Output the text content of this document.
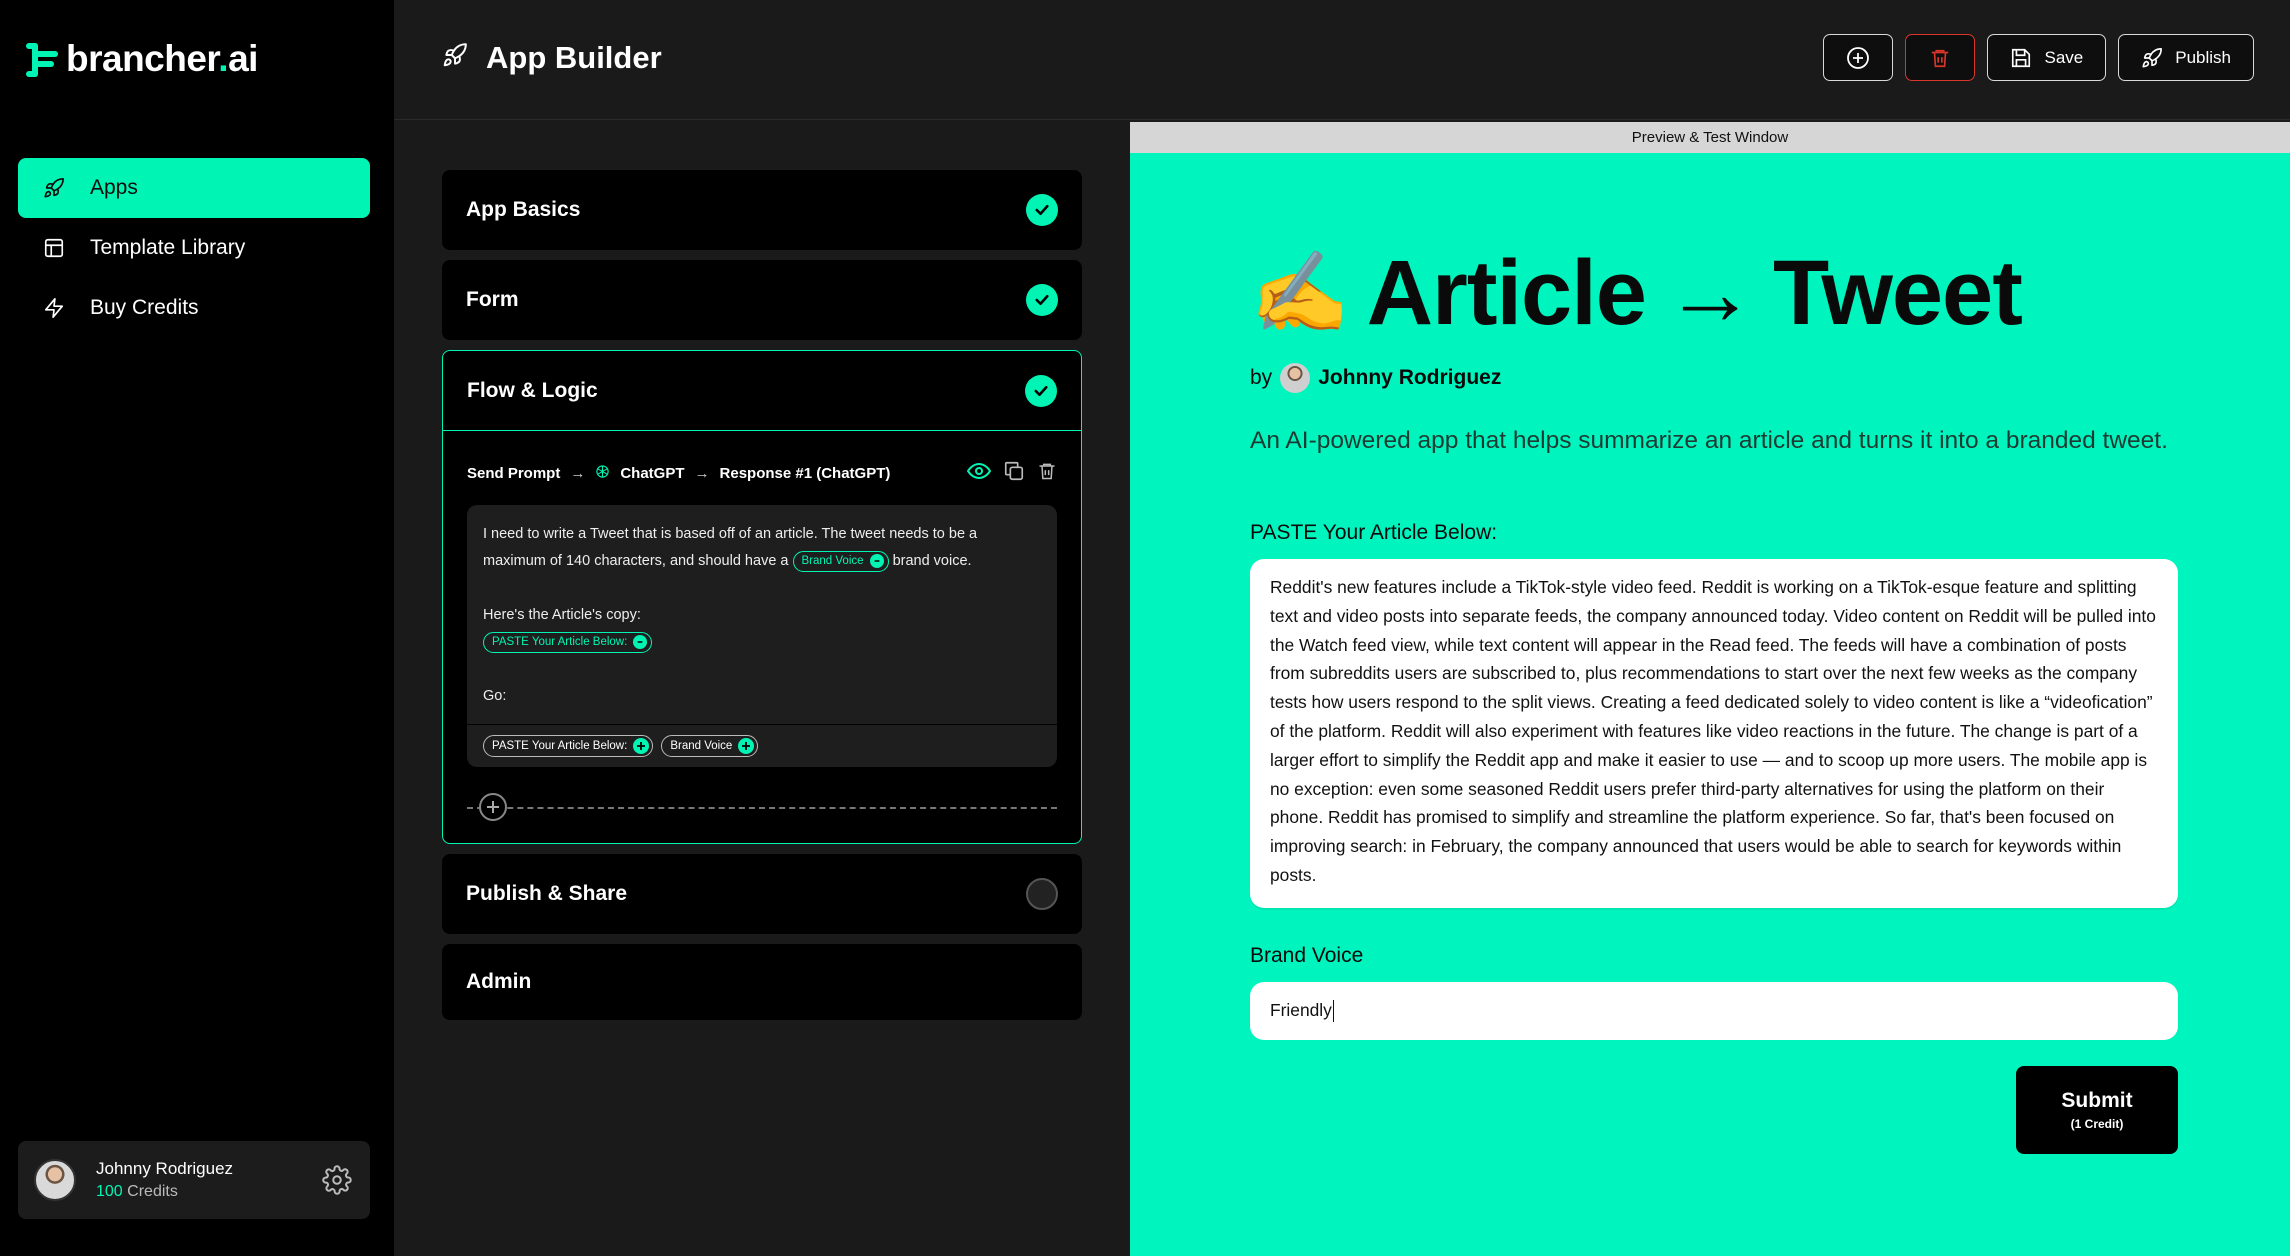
brancher.ai
Apps
Template Library
Buy Credits
Johnny Rodriguez
100 Credits
App Builder	Save	Publish
App Basics
Form
Flow & Logic
Send Prompt → ChatGPT → Response #1 (ChatGPT)
I need to write a Tweet that is based off of an article. The tweet needs to be a
maximum of 140 characters, and should have a Brand Voice brand voice.
Here's the Article's copy:
PASTE Your Article Below:
Go:
PASTE Your Article Below:	Brand Voice
Publish & Share
Admin
Preview & Test Window
✍️ Article → Tweet
by Johnny Rodriguez
An AI-powered app that helps summarize an article and turns it into a branded tweet.
PASTE Your Article Below:
Reddit's new features include a TikTok-style video feed. Reddit is working on a TikTok-esque feature and splitting text and video posts into separate feeds, the company announced today. Video content on Reddit will be pulled into the Watch feed view, while text content will appear in the Read feed. The feeds will have a combination of posts from subreddits users are subscribed to, plus recommendations to start over the next few weeks as the company tests how users respond to the split views. Creating a feed dedicated solely to video content is like a “videofication” of the platform. Reddit will also experiment with features like video reactions in the future. The change is part of a larger effort to simplify the Reddit app and make it easier to use — and to scoop up more users. The mobile app is no exception: even some seasoned Reddit users prefer third-party alternatives for using the platform on their phone. Reddit has promised to simplify and streamline the platform experience. So far, that's been focused on improving search: in February, the company announced that users would be able to search for keywords within posts.
Brand Voice
Friendly
Submit
(1 Credit)
